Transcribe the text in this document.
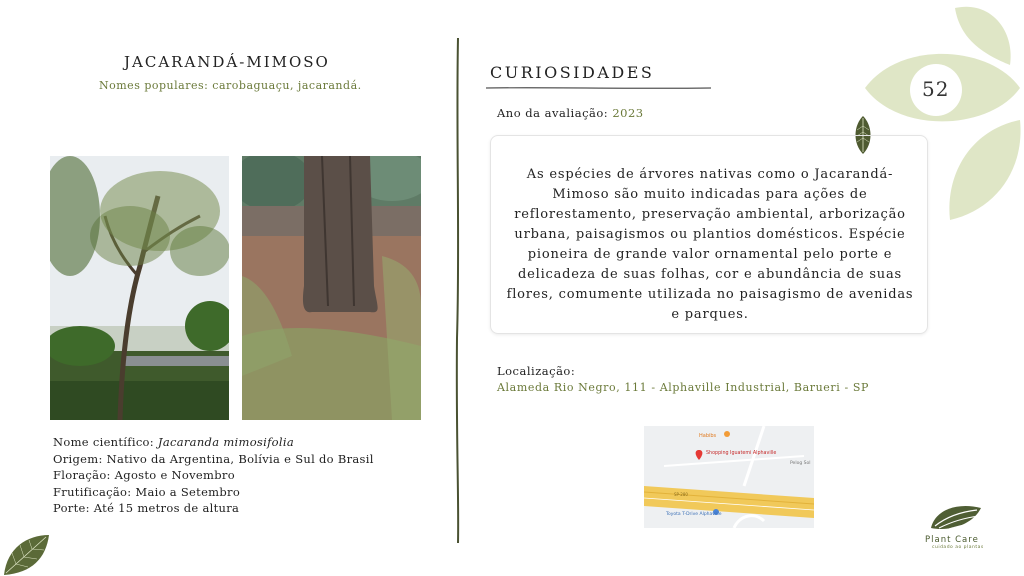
JACARANDÁ-MIMOSO
Nomes populares: carobaguaçu, jacarandá.
Nome científico: Jacaranda mimosifolia
Origem: Nativo da Argentina, Bolívia e Sul do Brasil
Floração: Agosto e Novembro
Frutificação: Maio a Setembro
Porte: Até 15 metros de altura
CURIOSIDADES
Ano da avaliação: 2023
As espécies de árvores nativas como o Jacarandá-Mimoso são muito indicadas para ações de reflorestamento, preservação ambiental, arborização urbana, paisagismos ou plantios domésticos. Espécie pioneira de grande valor ornamental pelo porte e delicadeza de suas folhas, cor e abundância de suas flores, comumente utilizada no paisagismo de avenidas e parques.
Localização:
Alameda Rio Negro, 111 - Alphaville Industrial, Barueri - SP
Habibs
Shopping Iguatemi Alphaville
Pelog Sol
Toyota T-Drive Alphaville
SP-280
52
Plant Care
cuidado ao plantas
